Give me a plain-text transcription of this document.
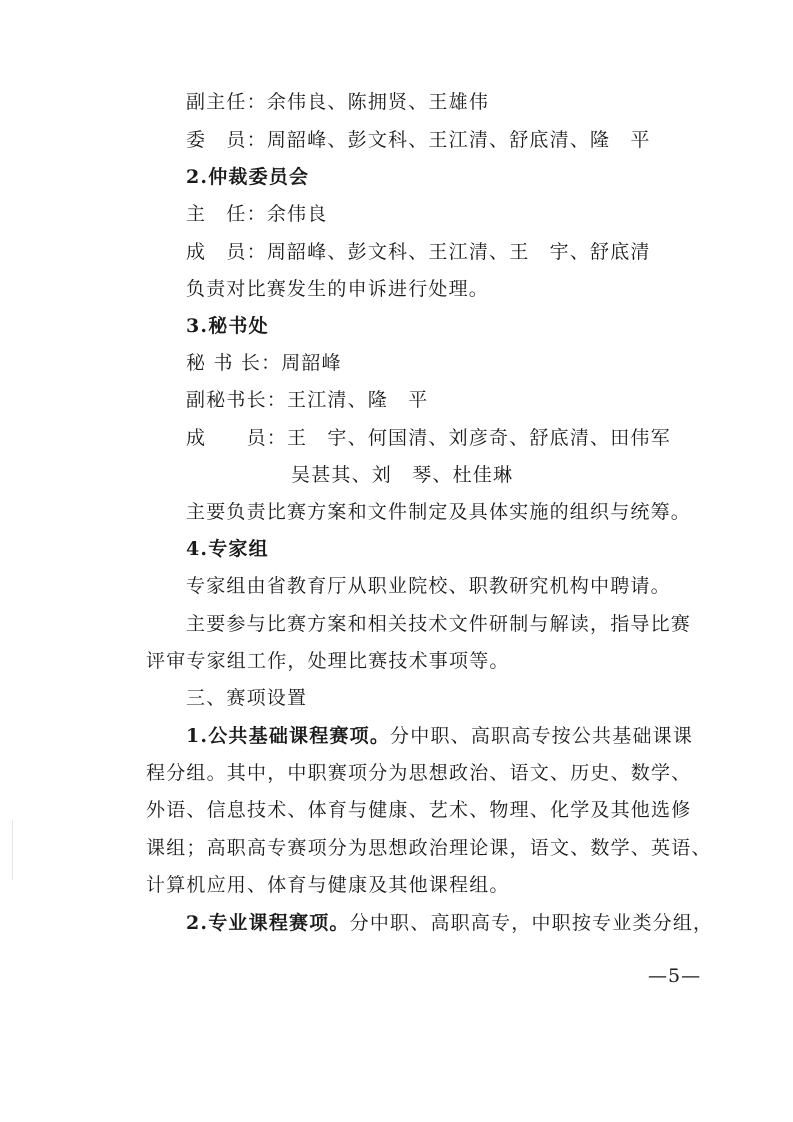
副主任：余伟良、陈拥贤、王雄伟
委　员：周韶峰、彭文科、王江清、舒底清、隆　平
2.仲裁委员会
主　任：余伟良
成　员：周韶峰、彭文科、王江清、王　宇、舒底清
负责对比赛发生的申诉进行处理。
3.秘书处
秘 书 长：周韶峰
副秘书长：王江清、隆　平
成　　员：王　宇、何国清、刘彦奇、舒底清、田伟军
吴甚其、刘　琴、杜佳琳
主要负责比赛方案和文件制定及具体实施的组织与统筹。
4.专家组
专家组由省教育厅从职业院校、职教研究机构中聘请。
主要参与比赛方案和相关技术文件研制与解读，指导比赛
评审专家组工作，处理比赛技术事项等。
三、赛项设置
1.公共基础课程赛项。分中职、高职高专按公共基础课课
程分组。其中，中职赛项分为思想政治、语文、历史、数学、
外语、信息技术、体育与健康、艺术、物理、化学及其他选修
课组；高职高专赛项分为思想政治理论课，语文、数学、英语、
计算机应用、体育与健康及其他课程组。
2.专业课程赛项。分中职、高职高专，中职按专业类分组，
—5—
